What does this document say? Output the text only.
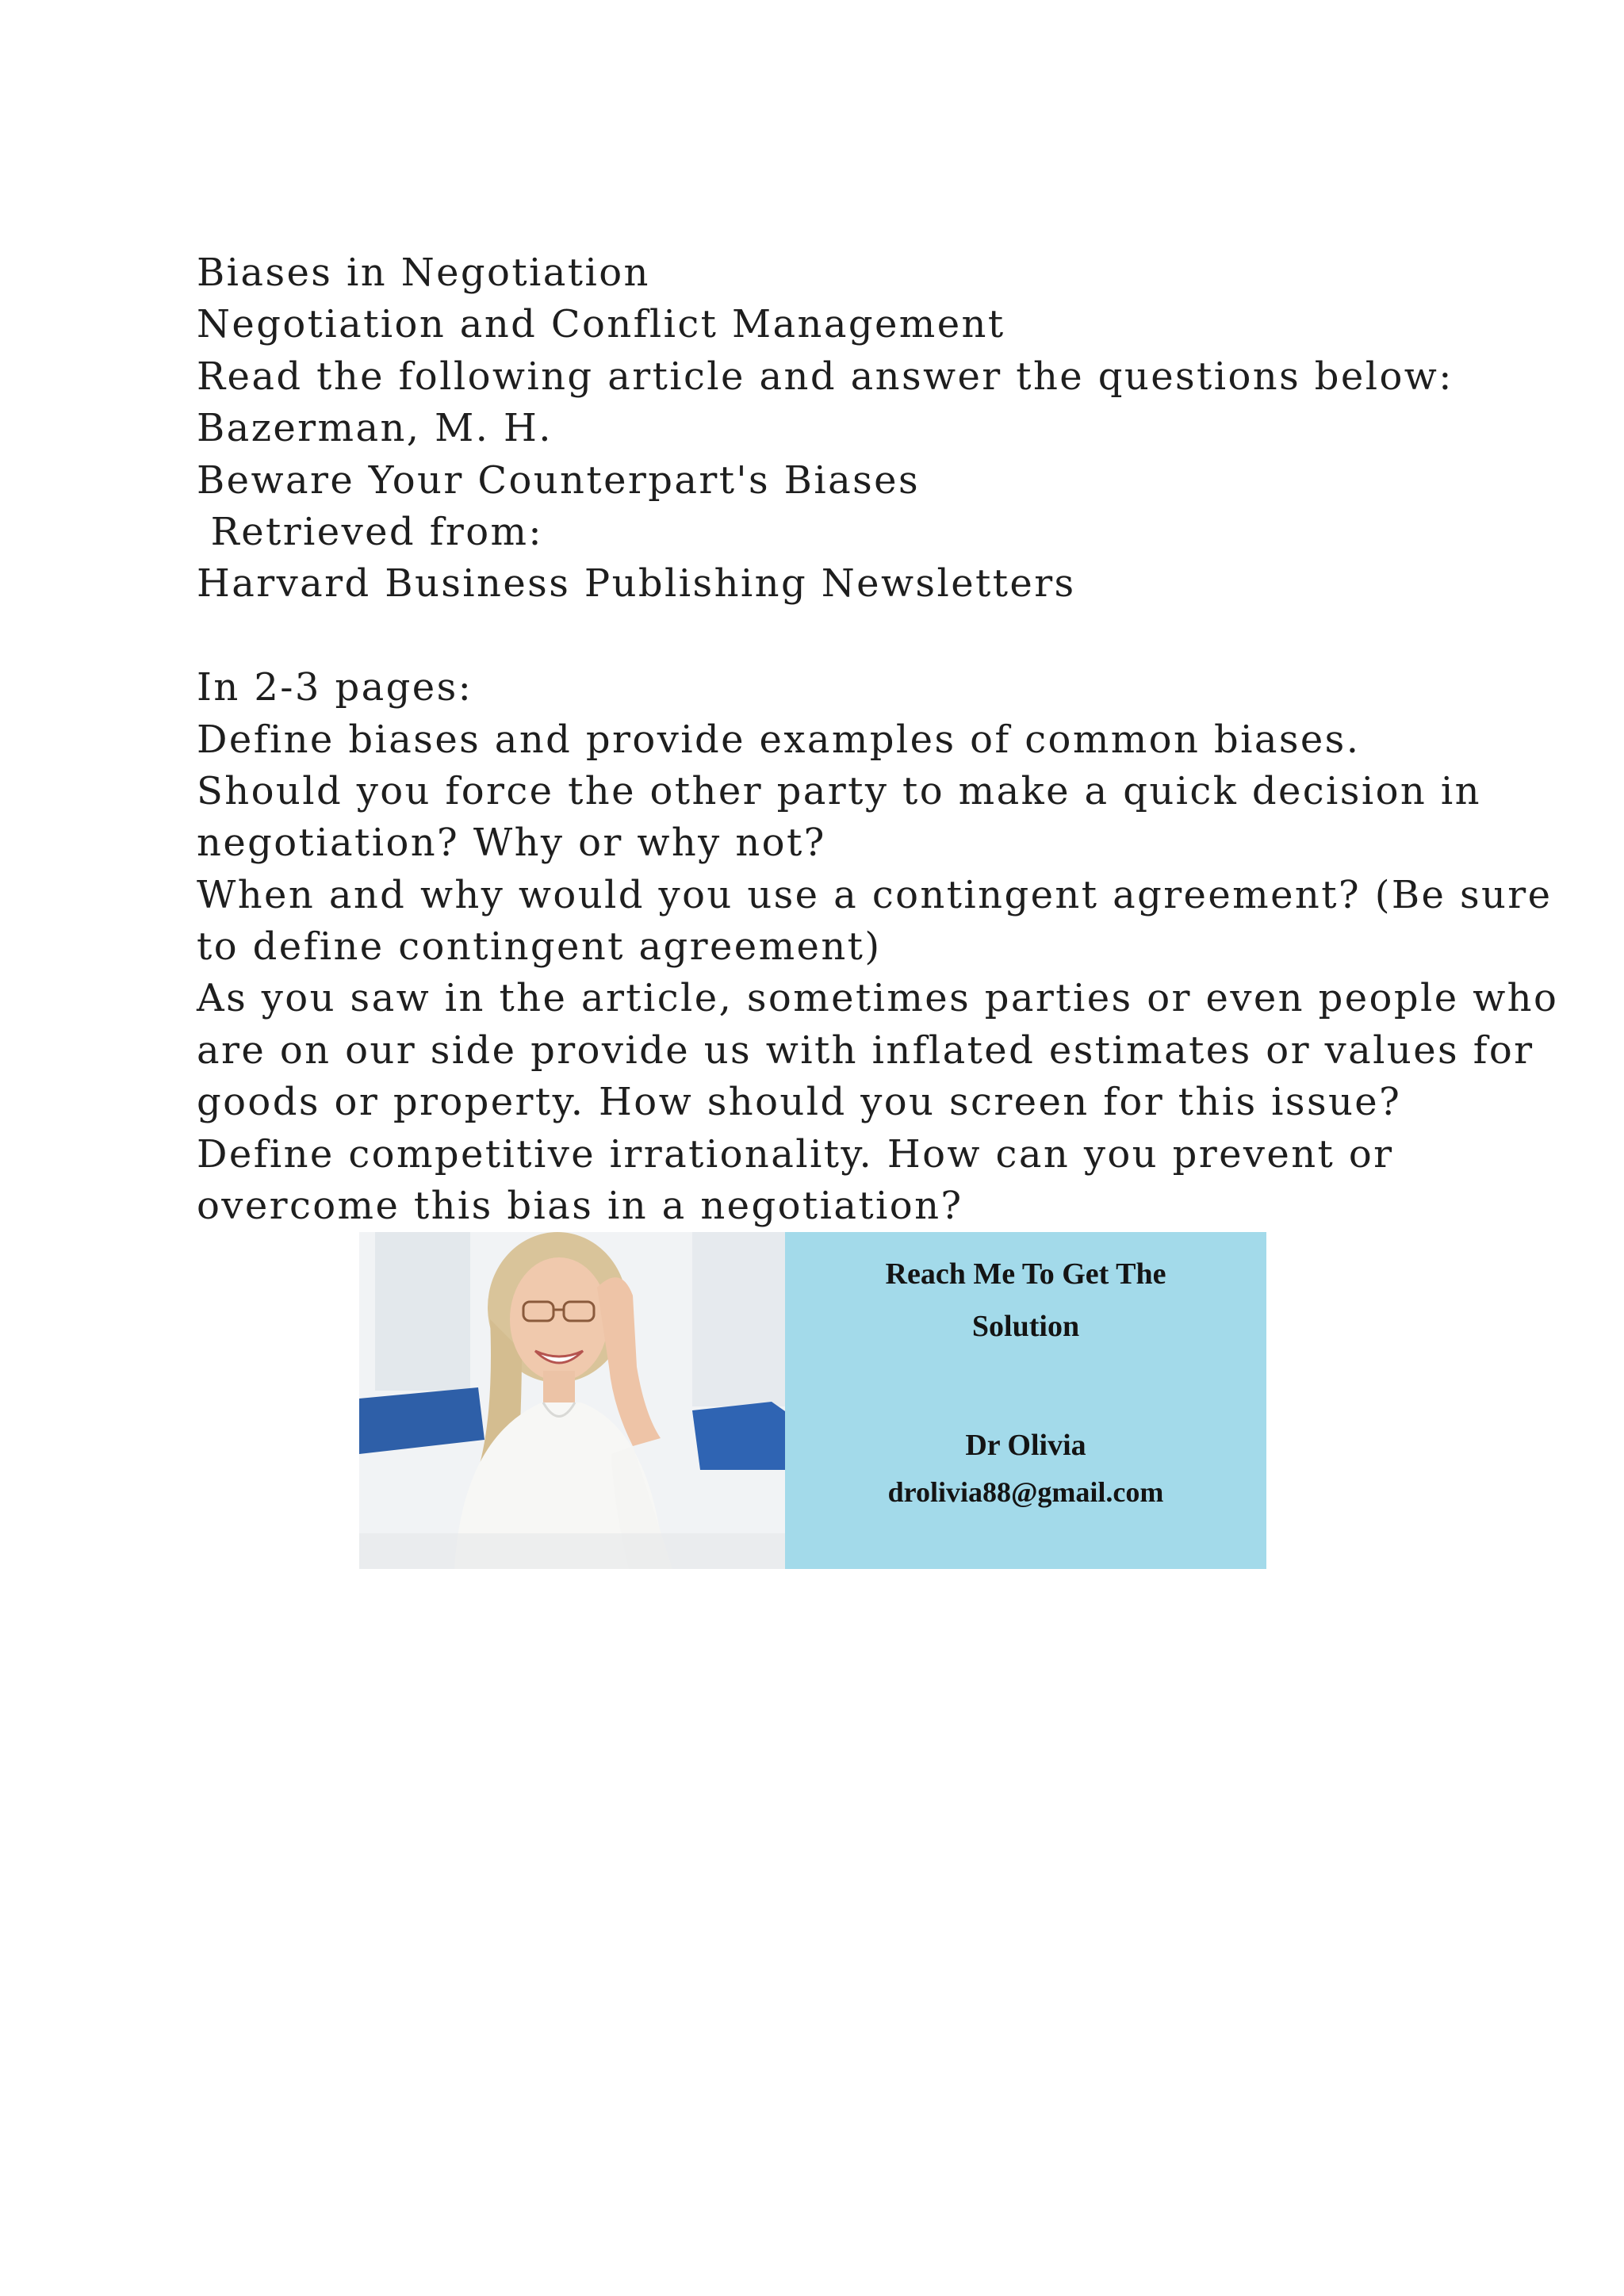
Biases in Negotiation
Negotiation and Conflict Management
Read the following article and answer the questions below:
Bazerman, M. H.
Beware Your Counterpart's Biases
Retrieved from:
Harvard Business Publishing Newsletters
In 2-3 pages:
Define biases and provide examples of common biases.
Should you force the other party to make a quick decision in
negotiation? Why or why not?
When and why would you use a contingent agreement? (Be sure
to define contingent agreement)
As you saw in the article, sometimes parties or even people who
are on our side provide us with inflated estimates or values for
goods or property. How should you screen for this issue?
Define competitive irrationality. How can you prevent or
overcome this bias in a negotiation?
Reach Me To Get The
Solution
Dr Olivia
drolivia88@gmail.com
